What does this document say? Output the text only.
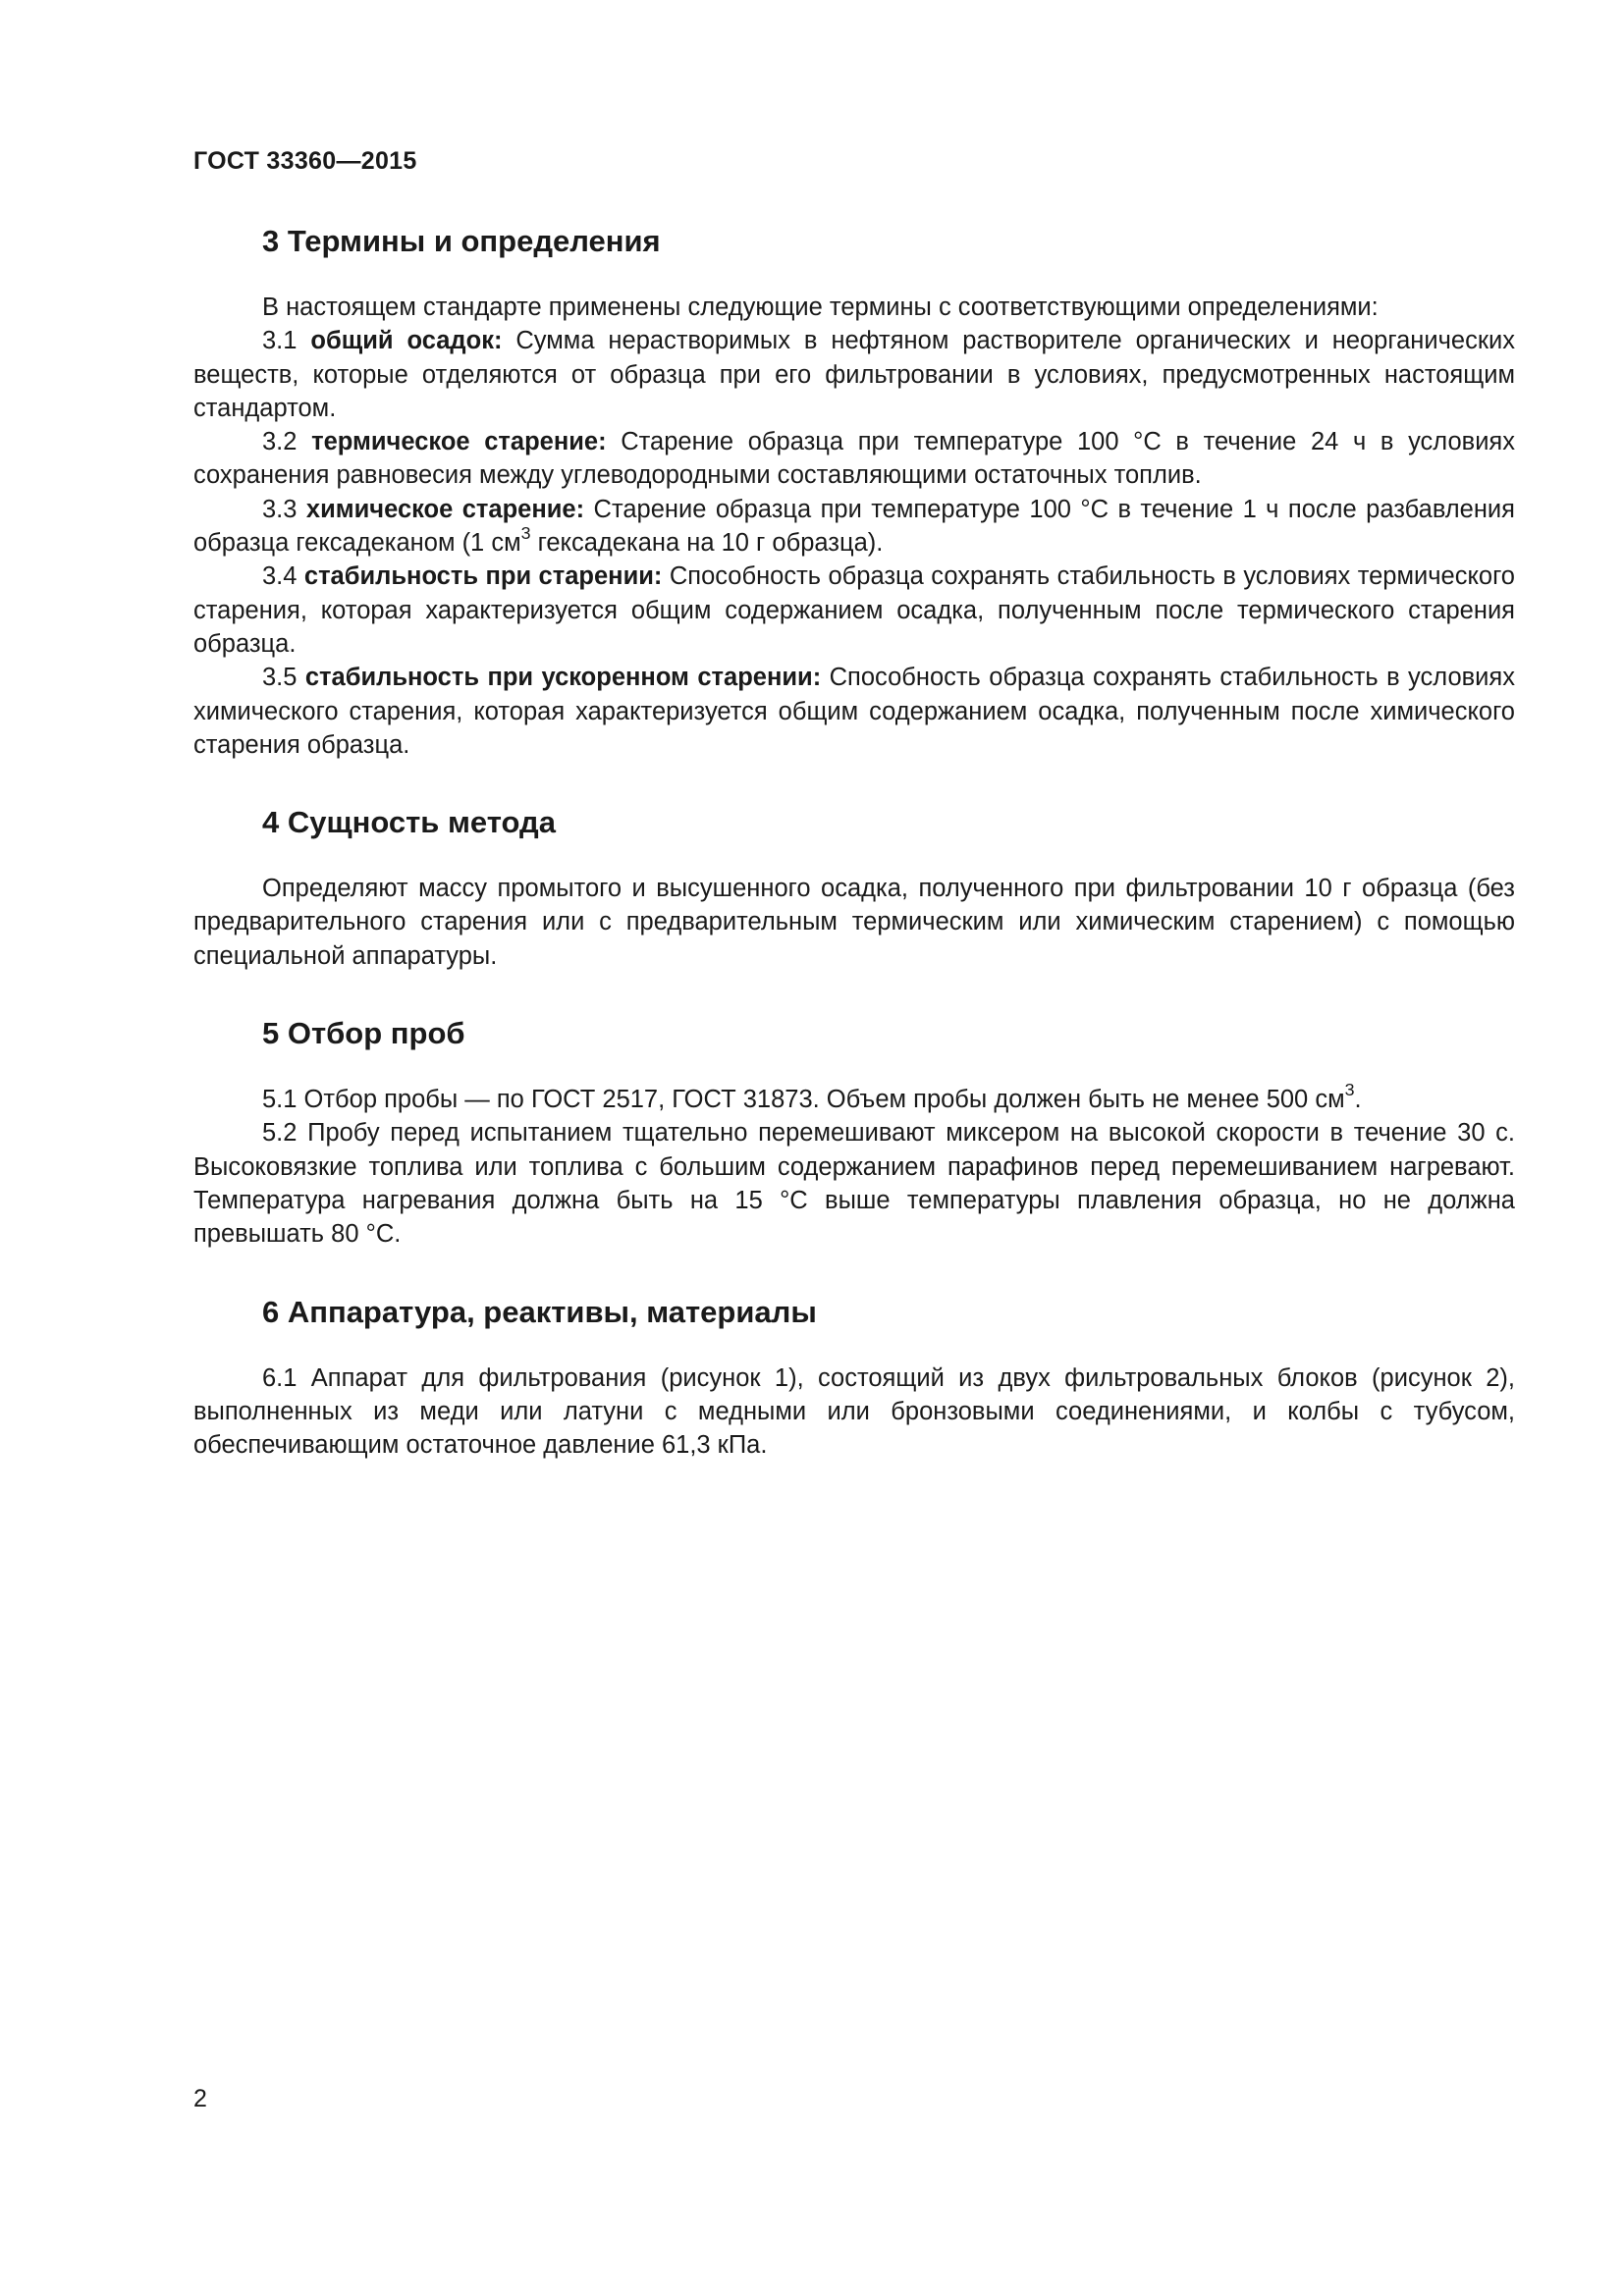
ГОСТ 33360—2015
3 Термины и определения

В настоящем стандарте применены следующие термины с соответствующими определениями:

3.1 общий осадок: Сумма нерастворимых в нефтяном растворителе органических и неорганических веществ, которые отделяются от образца при его фильтровании в условиях, предусмотренных настоящим стандартом.

3.2 термическое старение: Старение образца при температуре 100 °С в течение 24 ч в условиях сохранения равновесия между углеводородными составляющими остаточных топлив.

3.3 химическое старение: Старение образца при температуре 100 °С в течение 1 ч после разбавления образца гексадеканом (1 $см^3$ гексадекана на 10 г образца).

3.4 стабильность при старении: Способность образца сохранять стабильность в условиях термического старения, которая характеризуется общим содержанием осадка, полученным после термического старения образца.

3.5 стабильность при ускоренном старении: Способность образца сохранять стабильность в условиях химического старения, которая характеризуется общим содержанием осадка, полученным после химического старения образца.

4 Сущность метода

Определяют массу промытого и высушенного осадка, полученного при фильтровании 10 г образца (без предварительного старения или с предварительным термическим или химическим старением) с помощью специальной аппаратуры.

5 Отбор проб

5.1 Отбор пробы — по ГОСТ 2517, ГОСТ 31873. Объем пробы должен быть не менее 500 $см^3$.

5.2 Пробу перед испытанием тщательно перемешивают миксером на высокой скорости в течение 30 с. Высоковязкие топлива или топлива с большим содержанием парафинов перед перемешиванием нагревают. Температура нагревания должна быть на 15 °С выше температуры плавления образца, но не должна превышать 80 °С.

6 Аппаратура, реактивы, материалы

6.1 Аппарат для фильтрования (рисунок 1), состоящий из двух фильтровальных блоков (рисунок 2), выполненных из меди или латуни с медными или бронзовыми соединениями, и колбы с тубусом, обеспечивающим остаточное давление 61,3 кПа.

2
